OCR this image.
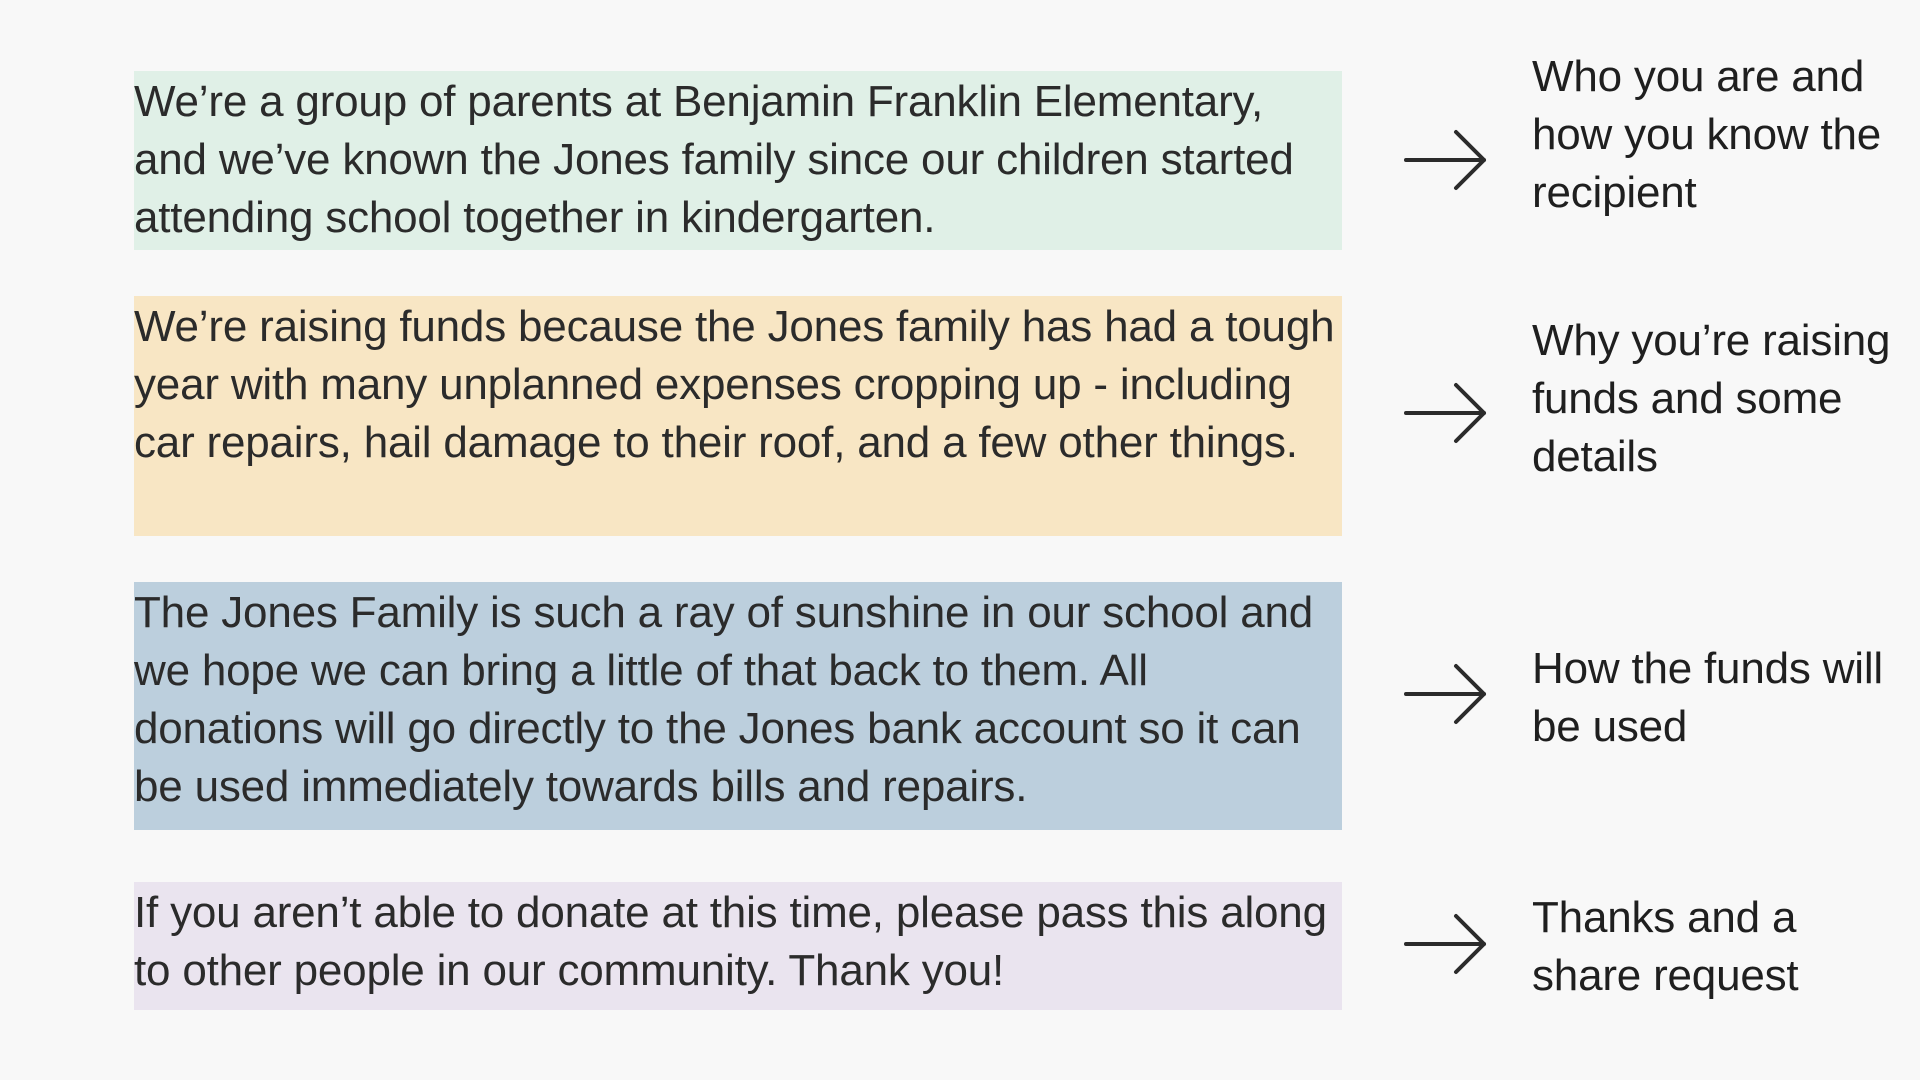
We’re a group of parents at Benjamin Franklin Elementary, and we’ve known the Jones family since our children started attending school together in kindergarten.

Who you are and how you know the recipient

We’re raising funds because the Jones family has had a tough year with many unplanned expenses cropping up - including car repairs, hail damage to their roof, and a few other things.

Why you’re raising funds and some details

The Jones Family is such a ray of sunshine in our school and we hope we can bring a little of that back to them. All donations will go directly to the Jones bank account so it can be used immediately towards bills and repairs.

How the funds will be used

If you aren’t able to donate at this time, please pass this along to other people in our community. Thank you!

Thanks and a share request
